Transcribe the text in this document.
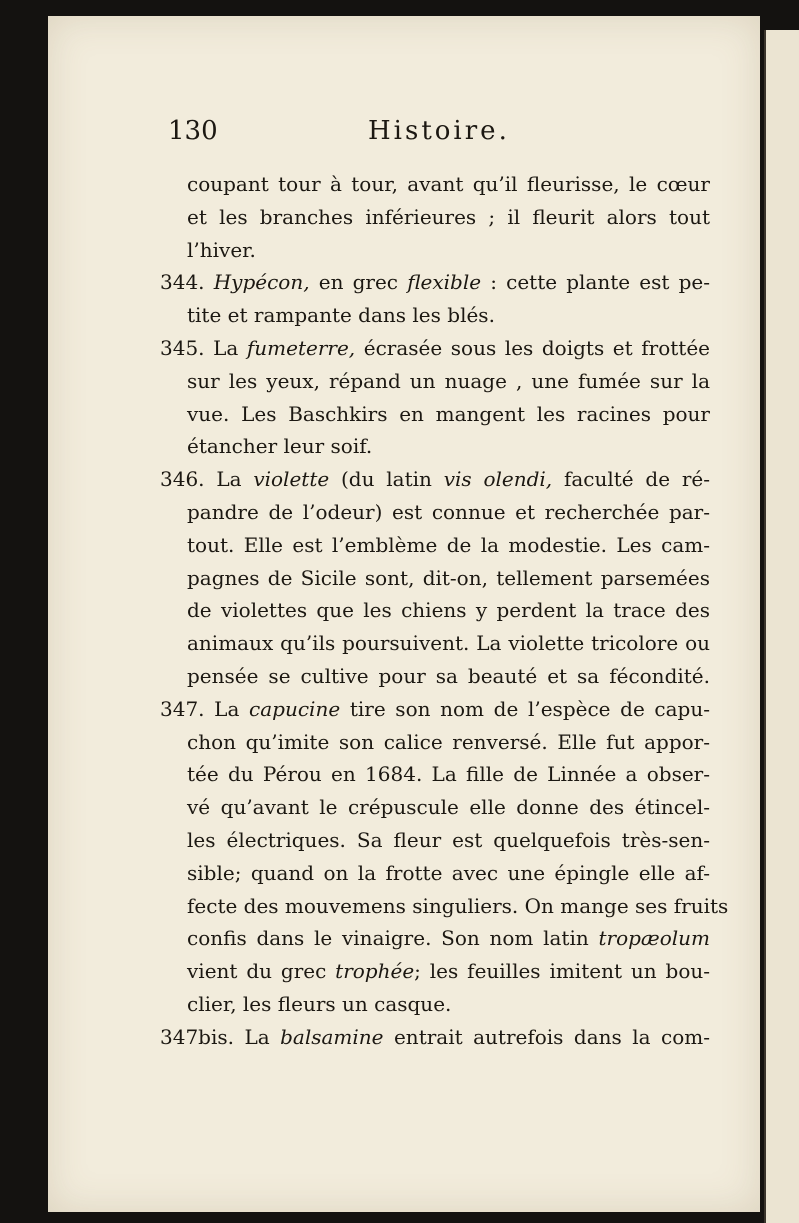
130	Histoire.
coupant tour à tour, avant qu’il fleurisse, le cœur
et les branches inférieures ; il fleurit alors tout
l’hiver.
344. Hypécon, en grec flexible : cette plante est pe-
tite et rampante dans les blés.
345. La fumeterre, écrasée sous les doigts et frottée
sur les yeux, répand un nuage , une fumée sur la
vue. Les Baschkirs en mangent les racines pour
étancher leur soif.
346. La violette (du latin vis olendi, faculté de ré-
pandre de l’odeur) est connue et recherchée par-
tout. Elle est l’emblème de la modestie. Les cam-
pagnes de Sicile sont, dit-on, tellement parsemées
de violettes que les chiens y perdent la trace des
animaux qu’ils poursuivent. La violette tricolore ou
pensée se cultive pour sa beauté et sa fécondité.
347. La capucine tire son nom de l’espèce de capu-
chon qu’imite son calice renversé. Elle fut appor-
tée du Pérou en 1684. La fille de Linnée a obser-
vé qu’avant le crépuscule elle donne des étincel-
les électriques. Sa fleur est quelquefois très-sen-
sible; quand on la frotte avec une épingle elle af-
fecte des mouvemens singuliers. On mange ses fruits
confis dans le vinaigre. Son nom latin tropæolum
vient du grec trophée; les feuilles imitent un bou-
clier, les fleurs un casque.
347bis. La balsamine entrait autrefois dans la com-
